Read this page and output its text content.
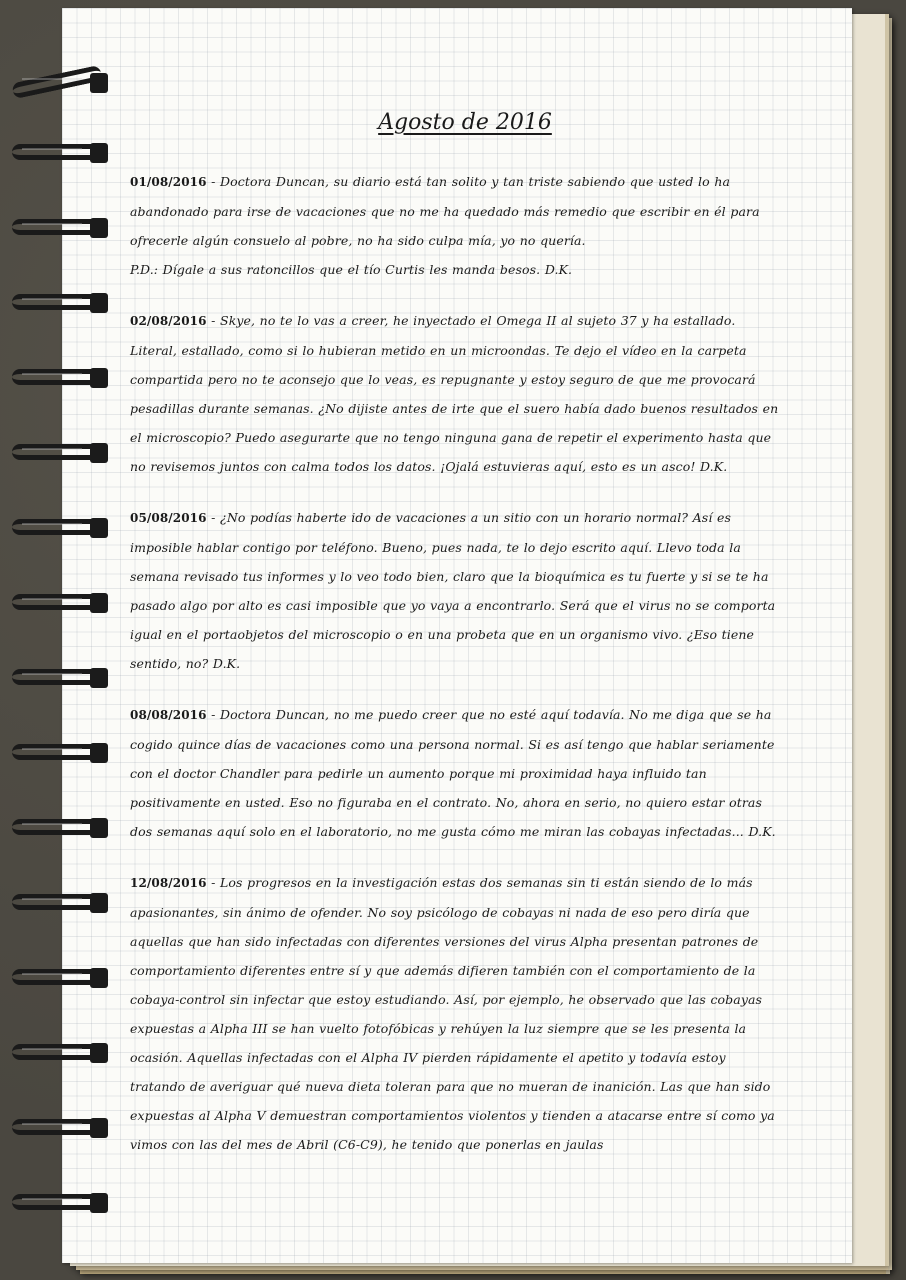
Agosto de 2016
01/08/2016 - Doctora Duncan, su diario está tan solito y tan triste sabiendo que usted lo ha abandonado para irse de vacaciones que no me ha quedado más remedio que escribir en él para ofrecerle algún consuelo al pobre, no ha sido culpa mía, yo no quería.
P.D.: Dígale a sus ratoncillos que el tío Curtis les manda besos. D.K.
02/08/2016 - Skye, no te lo vas a creer, he inyectado el Omega II al sujeto 37 y ha estallado. Literal, estallado, como si lo hubieran metido en un microondas. Te dejo el vídeo en la carpeta compartida pero no te aconsejo que lo veas, es repugnante y estoy seguro de que me provocará pesadillas durante semanas. ¿No dijiste antes de irte que el suero había dado buenos resultados en el microscopio? Puedo asegurarte que no tengo ninguna gana de repetir el experimento hasta que no revisemos juntos con calma todos los datos. ¡Ojalá estuvieras aquí, esto es un asco! D.K.
05/08/2016 - ¿No podías haberte ido de vacaciones a un sitio con un horario normal? Así es imposible hablar contigo por teléfono. Bueno, pues nada, te lo dejo escrito aquí. Llevo toda la semana revisado tus informes y lo veo todo bien, claro que la bioquímica es tu fuerte y si se te ha pasado algo por alto es casi imposible que yo vaya a encontrarlo. Será que el virus no se comporta igual en el portaobjetos del microscopio o en una probeta que en un organismo vivo. ¿Eso tiene sentido, no? D.K.
08/08/2016 - Doctora Duncan, no me puedo creer que no esté aquí todavía. No me diga que se ha cogido quince días de vacaciones como una persona normal. Si es así tengo que hablar seriamente con el doctor Chandler para pedirle un aumento porque mi proximidad haya influido tan positivamente en usted. Eso no figuraba en el contrato. No, ahora en serio, no quiero estar otras dos semanas aquí solo en el laboratorio, no me gusta cómo me miran las cobayas infectadas... D.K.
12/08/2016 - Los progresos en la investigación estas dos semanas sin ti están siendo de lo más apasionantes, sin ánimo de ofender. No soy psicólogo de cobayas ni nada de eso pero diría que aquellas que han sido infectadas con diferentes versiones del virus Alpha presentan patrones de comportamiento diferentes entre sí y que además difieren también con el comportamiento de la cobaya-control sin infectar que estoy estudiando. Así, por ejemplo, he observado que las cobayas expuestas a Alpha III se han vuelto fotofóbicas y rehúyen la luz siempre que se les presenta la ocasión. Aquellas infectadas con el Alpha IV pierden rápidamente el apetito y todavía estoy tratando de averiguar qué nueva dieta toleran para que no mueran de inanición. Las que han sido expuestas al Alpha V demuestran comportamientos violentos y tienden a atacarse entre sí como ya vimos con las del mes de Abril (C6-C9), he tenido que ponerlas en jaulas
